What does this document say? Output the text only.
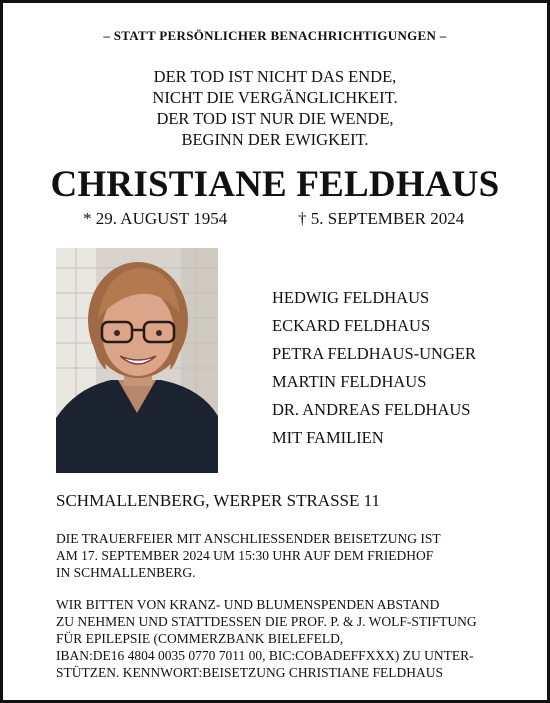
– STATT PERSÖNLICHER BENACHRICHTIGUNGEN –
DER TOD IST NICHT DAS ENDE,
NICHT DIE VERGÄNGLICHKEIT.
DER TOD IST NUR DIE WENDE,
BEGINN DER EWIGKEIT.
CHRISTIANE FELDHAUS
* 29. AUGUST 1954	† 5. SEPTEMBER 2024
HEDWIG FELDHAUS
ECKARD FELDHAUS
PETRA FELDHAUS-UNGER
MARTIN FELDHAUS
DR. ANDREAS FELDHAUS
MIT FAMILIEN
SCHMALLENBERG, WERPER STRASSE 11
DIE TRAUERFEIER MIT ANSCHLIESSENDER BEISETZUNG IST
AM 17. SEPTEMBER 2024 UM 15:30 UHR AUF DEM FRIEDHOF
IN SCHMALLENBERG.
WIR BITTEN VON KRANZ- UND BLUMENSPENDEN ABSTAND
ZU NEHMEN UND STATTDESSEN DIE PROF. P. & J. WOLF-STIFTUNG
FÜR EPILEPSIE (COMMERZBANK BIELEFELD,
IBAN:DE16 4804 0035 0770 7011 00, BIC:COBADEFFXXX) ZU UNTER-
STÜTZEN. KENNWORT:BEISETZUNG CHRISTIANE FELDHAUS
